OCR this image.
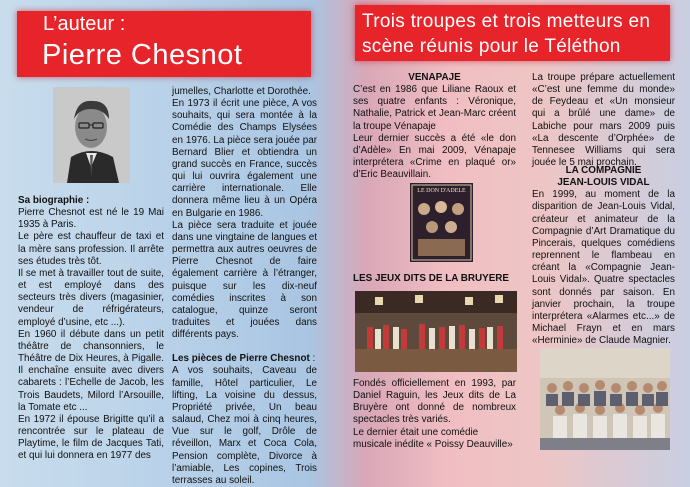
L’auteur :
Pierre Chesnot
Trois troupes et trois metteurs en
scène réunis pour le Téléthon

Sa biographie :

Pierre Chesnot est né le 19 Mai 1935 à Paris.

Le père est chauffeur de taxi et la mère sans profession. Il arrête ses études très tôt.

Il se met à travailler tout de suite, et est employé dans des secteurs très divers (magasinier, vendeur de réfrigérateurs, employé d’usine, etc ...).

En 1960 il débute dans un petit théâtre de chansonniers, le Théâtre de Dix Heures, à Pigalle. Il enchaîne ensuite avec divers cabarets : l’Echelle de Jacob, les Trois Baudets, Milord l’Arsouille, la Tomate etc ...

En 1972 il épouse Brigitte qu’il a rencontrée sur le plateau de Playtime, le film de Jacques Tati, et qui lui donnera en 1977 des

jumelles, Charlotte et Dorothée.

En 1973 il écrit une pièce, A vos souhaits, qui sera montée à la Comédie des Champs Elysées en 1976. La pièce sera jouée par Bernard Blier et obtiendra un grand succès en France, succès qui lui ouvrira également une carrière internationale. Elle donnera même lieu à un Opéra en Bulgarie en 1986.

La pièce sera traduite et jouée dans une vingtaine de langues et permettra aux autres oeuvres de Pierre Chesnot de faire également carrière à l’étranger, puisque sur les dix-neuf comédies inscrites à son catalogue, quinze seront traduites et jouées dans différents pays.

Les pièces de Pierre Chesnot :

A vos souhaits, Caveau de famille, Hôtel particulier, Le lifting, La voisine du dessus, Propriété privée, Un beau salaud, Chez moi à cinq heures, Vue sur le golf, Drôle de réveillon, Marx et Coca Cola, Pension complète, Divorce à l’amiable, Les copines, Trois terrasses au soleil.

VENAPAJE

C’est en 1986 que Liliane Raoux et ses quatre enfants : Véronique, Nathalie, Patrick et Jean-Marc créent la troupe Vénapaje

Leur dernier succès a été «le don d’Adèle» En mai 2009, Vénapaje interprétera «Crime en plaqué or» d’Eric Beauvillain.

LE DON D'ADELE

LES JEUX DITS DE LA BRUYERE

Fondés officiellement en 1993, par Daniel Raguin, les Jeux dits de La Bruyère ont donné de nombreux spectacles très variés.

Le dernier était une comédie musicale inédite « Poissy Deauville»

La troupe prépare actuellement «C’est une femme du monde» de Feydeau et «Un monsieur qui a brûlé une dame» de Labiche pour mars 2009 puis «La descente d’Orphée» de Tennesee Williams qui sera jouée le 5 mai prochain.

LA COMPAGNIE

JEAN-LOUIS VIDAL

En 1999, au moment de la disparition de Jean-Louis Vidal, créateur et animateur de la Compagnie d’Art Dramatique du Pincerais, quelques comédiens reprennent le flambeau en créant la «Compagnie Jean-Louis Vidal». Quatre spectacles sont donnés par saison. En janvier prochain, la troupe interprétera «Alarmes etc...» de Michael Frayn et en mars «Herminie» de Claude Magnier.
